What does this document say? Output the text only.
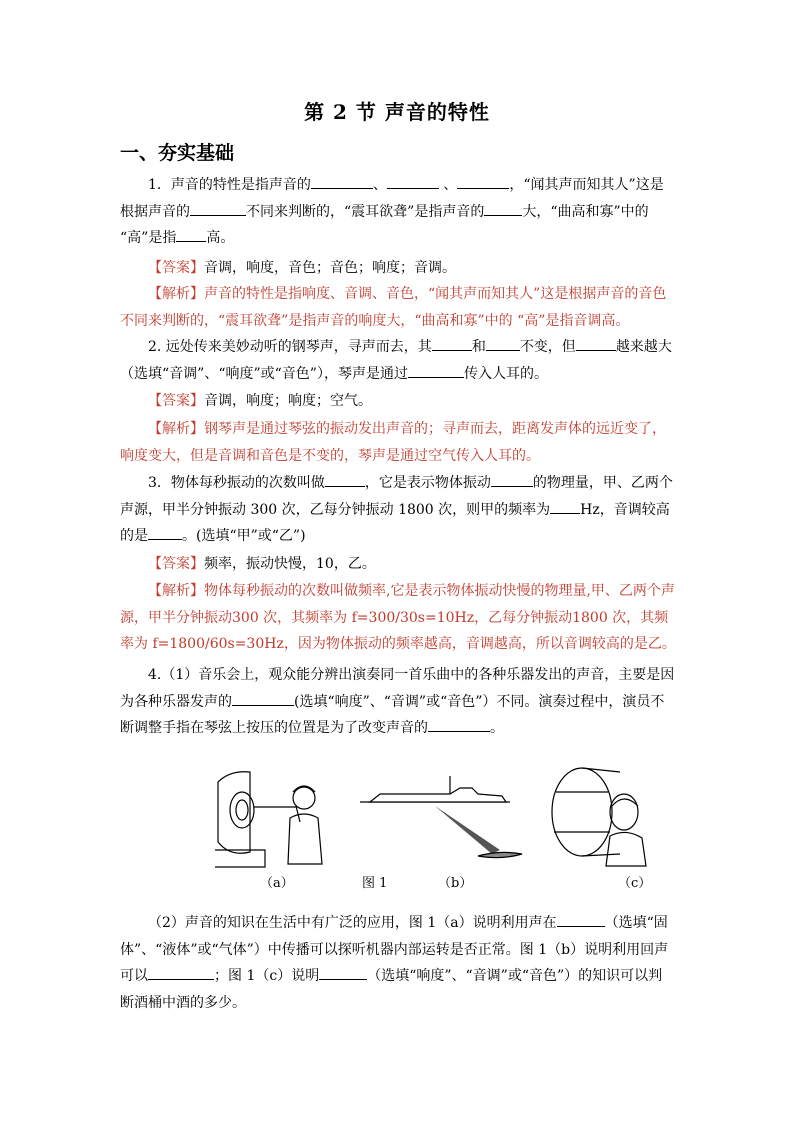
第 2 节 声音的特性
一、夯实基础
1．声音的特性是指声音的	、	、	，“闻其声而知其人”这是根据声音的	不同来判断的，“震耳欲聋”是指声音的	大，“曲高和寡”中的 “高”是指 高。
【答案】音调，响度，音色；音色；响度；音调。
【解析】声音的特性是指响度、音调、音色，“闻其声而知其人”这是根据声音的音色不同来判断的，“震耳欲聋”是指声音的响度大，“曲高和寡”中的 “高”是指音调高。
2. 远处传来美妙动听的钢琴声，寻声而去，其	和 不变，但	越来越大（选填“音调”、“响度”或“音色”），琴声是通过	传入人耳的。
【答案】音调，响度；响度；空气。
【解析】钢琴声是通过琴弦的振动发出声音的；寻声而去，距离发声体的远近变了，响度变大，但是音调和音色是不变的，琴声是通过空气传入人耳的。
3．物体每秒振动的次数叫做	，它是表示物体振动	的物理量，甲、乙两个声源，甲半分钟振动 300 次，乙每分钟振动 1800 次，则甲的频率为 Hz，音调较高的是 。(选填“甲”或“乙”)
【答案】频率，振动快慢，10，乙。
【解析】物体每秒振动的次数叫做频率,它是表示物体振动快慢的物理量,甲、乙两个声源，甲半分钟振动300 次，其频率为 f=300/30s=10Hz，乙每分钟振动1800 次，其频率为 f=1800/60s=30Hz，因为物体振动的频率越高，音调越高，所以音调较高的是乙。
4.（1）音乐会上，观众能分辨出演奏同一首乐曲中的各种乐器发出的声音，主要是因为各种乐器发声的	(选填“响度”、“音调”或“音色”）不同。演奏过程中，演员不断调整手指在琴弦上按压的位置是为了改变声音的	。
（a）	图 1	（b）	（c）
（2）声音的知识在生活中有广泛的应用，图 1（a）说明利用声在	（选填“固体”、“液体”或“气体”）中传播可以探听机器内部运转是否正常。图 1（b）说明利用回声可以	；图 1（c）说明	（选填“响度”、“音调”或“音色”）的知识可以判断酒桶中酒的多少。
